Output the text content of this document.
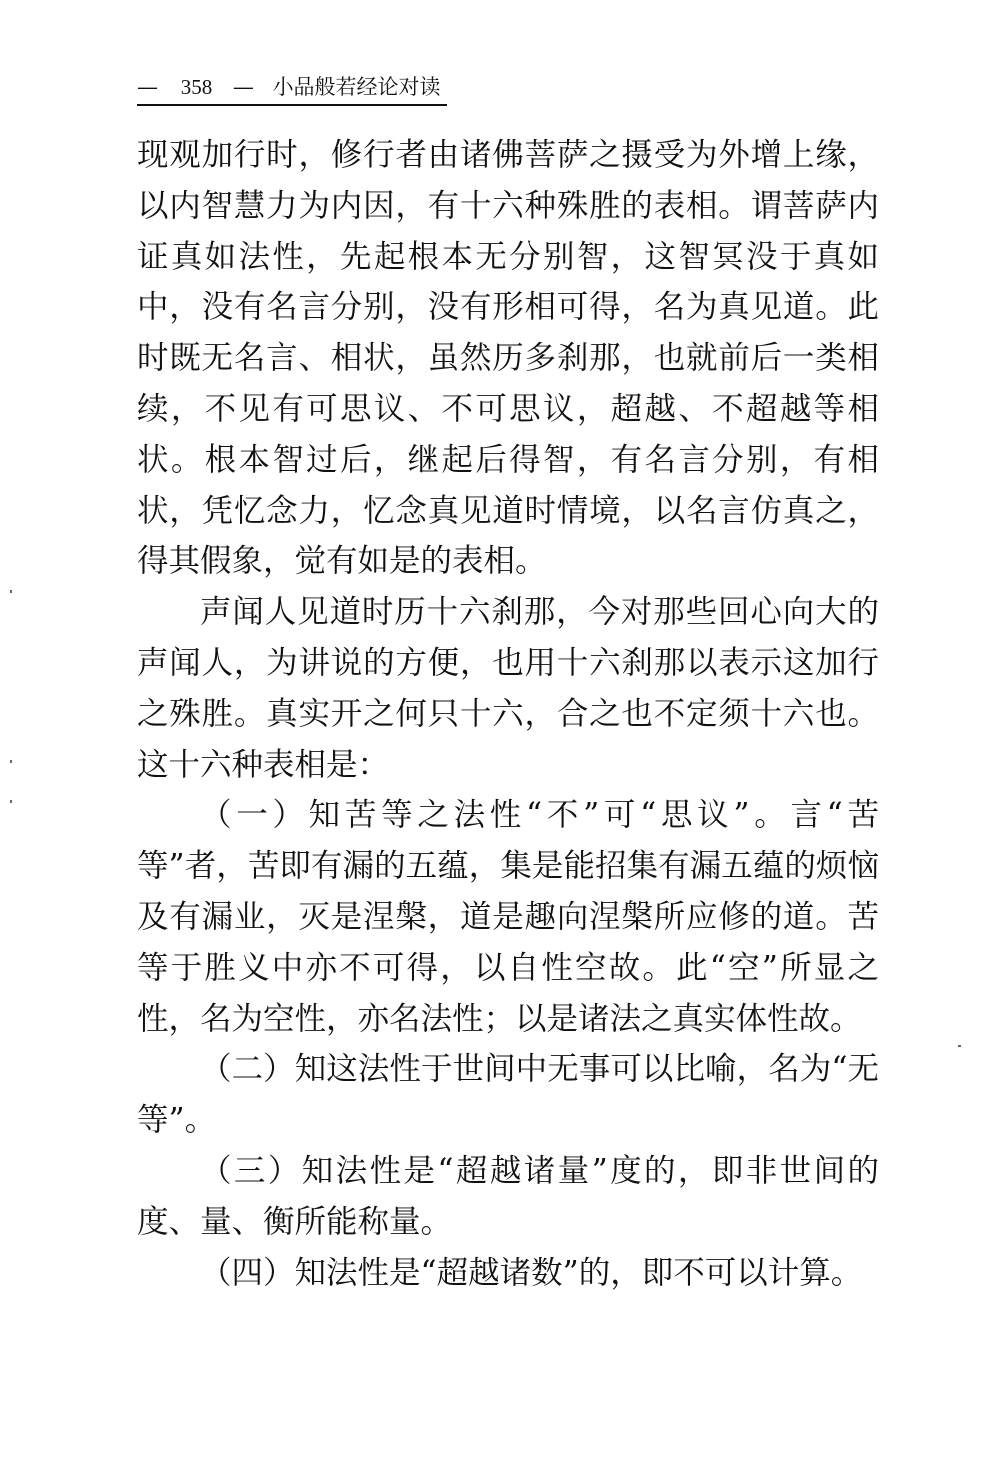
— 358 — 小品般若经论对读

现观加行时，修行者由诸佛菩萨之摄受为外增上缘，以内智慧力为内因，有十六种殊胜的表相。谓菩萨内证真如法性，先起根本无分别智，这智冥没于真如中，没有名言分别，没有形相可得，名为真见道。此时既无名言、相状，虽然历多刹那，也就前后一类相续，不见有可思议、不可思议，超越、不超越等相状。根本智过后，继起后得智，有名言分别，有相状，凭忆念力，忆念真见道时情境，以名言仿真之，得其假象，觉有如是的表相。

声闻人见道时历十六刹那，今对那些回心向大的声闻人，为讲说的方便，也用十六刹那以表示这加行之殊胜。真实开之何只十六，合之也不定须十六也。这十六种表相是：

（一）知苦等之法性“不”可“思议”。言“苦等”者，苦即有漏的五蕴，集是能招集有漏五蕴的烦恼及有漏业，灭是涅槃，道是趣向涅槃所应修的道。苦等于胜义中亦不可得，以自性空故。此“空”所显之性，名为空性，亦名法性；以是诸法之真实体性故。

（二）知这法性于世间中无事可以比喻，名为“无等”。

（三）知法性是“超越诸量”度的，即非世间的度、量、衡所能称量。

（四）知法性是“超越诸数”的，即不可以计算。
